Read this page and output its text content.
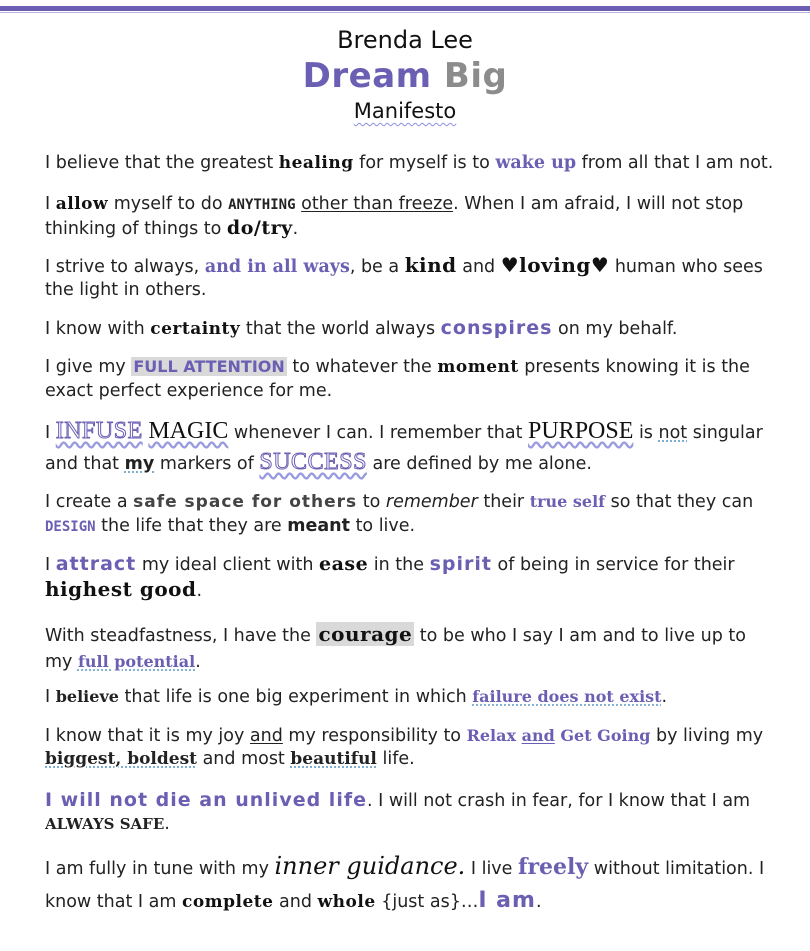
Brenda Lee
Dream Big
Manifesto

I believe that the greatest healing for myself is to wake up from all that I am not.

I allow myself to do ANYTHING other than freeze. When I am afraid, I will not stop thinking of things to do/try.

I strive to always, and in all ways, be a kind and ♥loving♥ human who sees the light in others.

I know with certainty that the world always conspires on my behalf.

I give my FULL ATTENTION to whatever the moment presents knowing it is the exact perfect experience for me.

I INFUSE MAGIC whenever I can. I remember that PURPOSE is not singular and that my markers of SUCCESS are defined by me alone.

I create a safe space for others to remember their true self so that they can DESIGN the life that they are meant to live.

I attract my ideal client with ease in the spirit of being in service for their highest good.

With steadfastness, I have the courage to be who I say I am and to live up to my full potential.

I believe that life is one big experiment in which failure does not exist.

I know that it is my joy and my responsibility to Relax and Get Going by living my biggest, boldest and most beautiful life.

I will not die an unlived life. I will not crash in fear, for I know that I am ALWAYS SAFE.

I am fully in tune with my inner guidance. I live freely without limitation. I know that I am complete and whole {just as}…I am.
